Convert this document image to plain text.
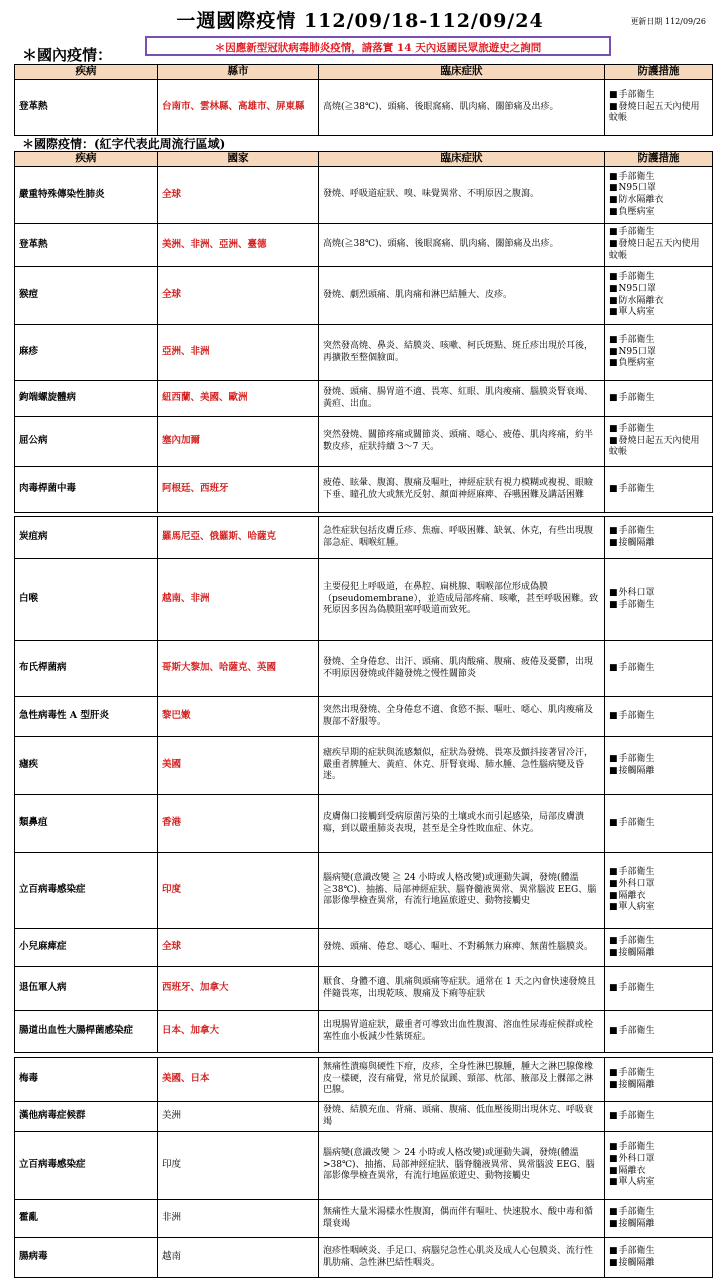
一週國際疫情 112/09/18-112/09/24	更新日期 112/09/26
＊國內疫情：	＊因應新型冠狀病毒肺炎疫情，請落實 14 天內返國民眾旅遊史之詢問
疾病	縣市	臨床症狀	防護措施
登革熱	台南市、雲林縣、高雄市、屏東縣	高燒(≧38℃)、頭痛、後眼窩痛、肌肉痛、關節痛及出疹。	■ 手部衛生
■ 發燒日起五天內使用蚊帳
＊國際疫情：(紅字代表此周流行區域)
疾病	國家	臨床症狀	防護措施
嚴重特殊傳染性肺炎	全球	發燒、呼吸道症狀、嗅、味覺異常、不明原因之腹瀉。	■ 手部衛生
■ N95口罩
■ 防水隔離衣
■ 負壓病室

登革熱	美洲、非洲、亞洲、臺德	高燒(≧38℃)、頭痛、後眼窩痛、肌肉痛、關節痛及出疹。	■ 手部衛生
■ 發燒日起五天內使用蚊帳

猴痘	全球	發燒、劇烈頭痛、肌肉痛和淋巴結腫大、皮疹。	■ 手部衛生
■ N95口罩
■ 防水隔離衣
■ 單人病室

麻疹	亞洲、非洲	突然發高燒、鼻炎、結膜炎、咳嗽、柯氏斑點、斑丘疹出現於耳後，再擴散至整個臉面。	■ 手部衛生
■ N95口罩
■ 負壓病室

鉤端螺旋體病	紐西蘭、美國、歐洲	發燒、頭痛、腸胃道不適、畏寒、紅眼、肌肉痠痛、腦膜炎腎衰竭、黃疸、出血。	■ 手部衛生

屈公病	塞內加爾	突然發燒、關節疼痛或關節炎、頭痛、噁心、疲倦、肌肉疼痛，約半數皮疹，症狀持續 3～7 天。	■ 手部衛生
■ 發燒日起五天內使用蚊帳

肉毒桿菌中毒	阿根廷、西班牙	疲倦、眩暈、腹瀉、腹痛及嘔吐，神經症狀有視力模糊或複視、眼瞼下垂、瞳孔放大或無光反射、顏面神經麻痺、吞嚥困難及講話困難	■ 手部衛生
炭疽病	羅馬尼亞、俄羅斯、哈薩克	急性症狀包括皮膚丘疹、焦痂、呼吸困難、缺氧、休克，有些出現腹部急症、咽喉紅腫。	■ 手部衛生
■ 接觸隔離

白喉	越南、非洲	主要侵犯上呼吸道，在鼻腔、扁桃腺、咽喉部位形成偽膜（pseudomembrane），並造成局部疼痛、咳嗽，甚至呼吸困難。致死原因多因為偽膜阻塞呼吸道而致死。	■ 外科口罩
■ 手部衛生

布氏桿菌病	哥斯大黎加、哈薩克、英國	發燒、全身倦怠、出汗、頭痛、肌肉酸痛、腹痛、疲倦及憂鬱，出現不明原因發燒或伴隨發燒之慢性關節炎	■ 手部衛生

急性病毒性 A 型肝炎	黎巴嫩	突然出現發燒、全身倦怠不適、食慾不振、嘔吐、噁心、肌肉痠痛及腹部不舒服等。	■ 手部衛生

瘧疾	美國	瘧疾早期的症狀與流感類似，症狀為發燒、畏寒及顫抖接著冒冷汗，嚴重者脾腫大、黃疸、休克、肝腎衰竭、肺水腫、急性腦病變及昏迷。	■ 手部衛生
■ 接觸隔離

類鼻疽	香港	皮膚傷口接觸到受病原菌污染的土壤或水而引起感染，局部皮膚潰瘍，到以嚴重肺炎表現，甚至是全身性敗血症、休克。	■ 手部衛生

立百病毒感染症	印度	腦病變(意識改變 ≧ 24 小時或人格改變)或運動失調，發燒(體溫≧38℃)、抽搐、局部神經症狀、腦脊髓液異常、異常腦波 EEG、腦部影像學檢查異常，有流行地區旅遊史、動物接觸史	■ 手部衛生
■ 外科口罩
■ 隔離衣
■ 單人病室

小兒麻痺症	全球	發燒、頭痛、倦怠、噁心、嘔吐、不對稱無力麻痺、無菌性腦膜炎。	■ 手部衛生
■ 接觸隔離

退伍軍人病	西班牙、加拿大	厭食、身體不適、肌痛與頭痛等症狀。通常在 1 天之內會快速發燒且伴隨畏寒，出現乾咳、腹痛及下痢等症狀	■ 手部衛生

腸道出血性大腸桿菌感染症	日本、加拿大	出現腸胃道症狀，嚴重者可導致出血性腹瀉、溶血性尿毒症候群或栓塞性血小板減少性紫斑症。	■ 手部衛生
梅毒	美國、日本	無痛性潰瘍與硬性下疳，皮疹，全身性淋巴腺腫，腫大之淋巴腺像橡皮一樣硬，沒有痛覺，常見於鼠蹊、頸部、枕部、腋部及上髁部之淋巴腺。	■ 手部衛生
■ 接觸隔離

漢他病毒症候群	美洲	發燒、結膜充血、背痛、頭痛、腹痛、低血壓後期出現休克、呼吸衰竭	■ 手部衛生

立百病毒感染症	印度	腦病變(意識改變 ＞ 24 小時或人格改變)或運動失調，發燒(體溫>38℃)、抽搐、局部神經症狀、腦脊髓液異常、異常腦波 EEG、腦部影像學檢查異常，有流行地區旅遊史、動物接觸史	■ 手部衛生
■ 外科口罩
■ 隔離衣
■ 單人病室

霍亂	非洲	無痛性大量米湯樣水性腹瀉，偶而伴有嘔吐、快速脫水、酸中毒和循環衰竭	■ 手部衛生
■ 接觸隔離

腸病毒	越南	泡疹性咽峽炎、手足口、病腦兒急性心肌炎及成人心包膜炎、流行性肌肋痛、急性淋巴結性咽炎。	■ 手部衛生
■ 接觸隔離
